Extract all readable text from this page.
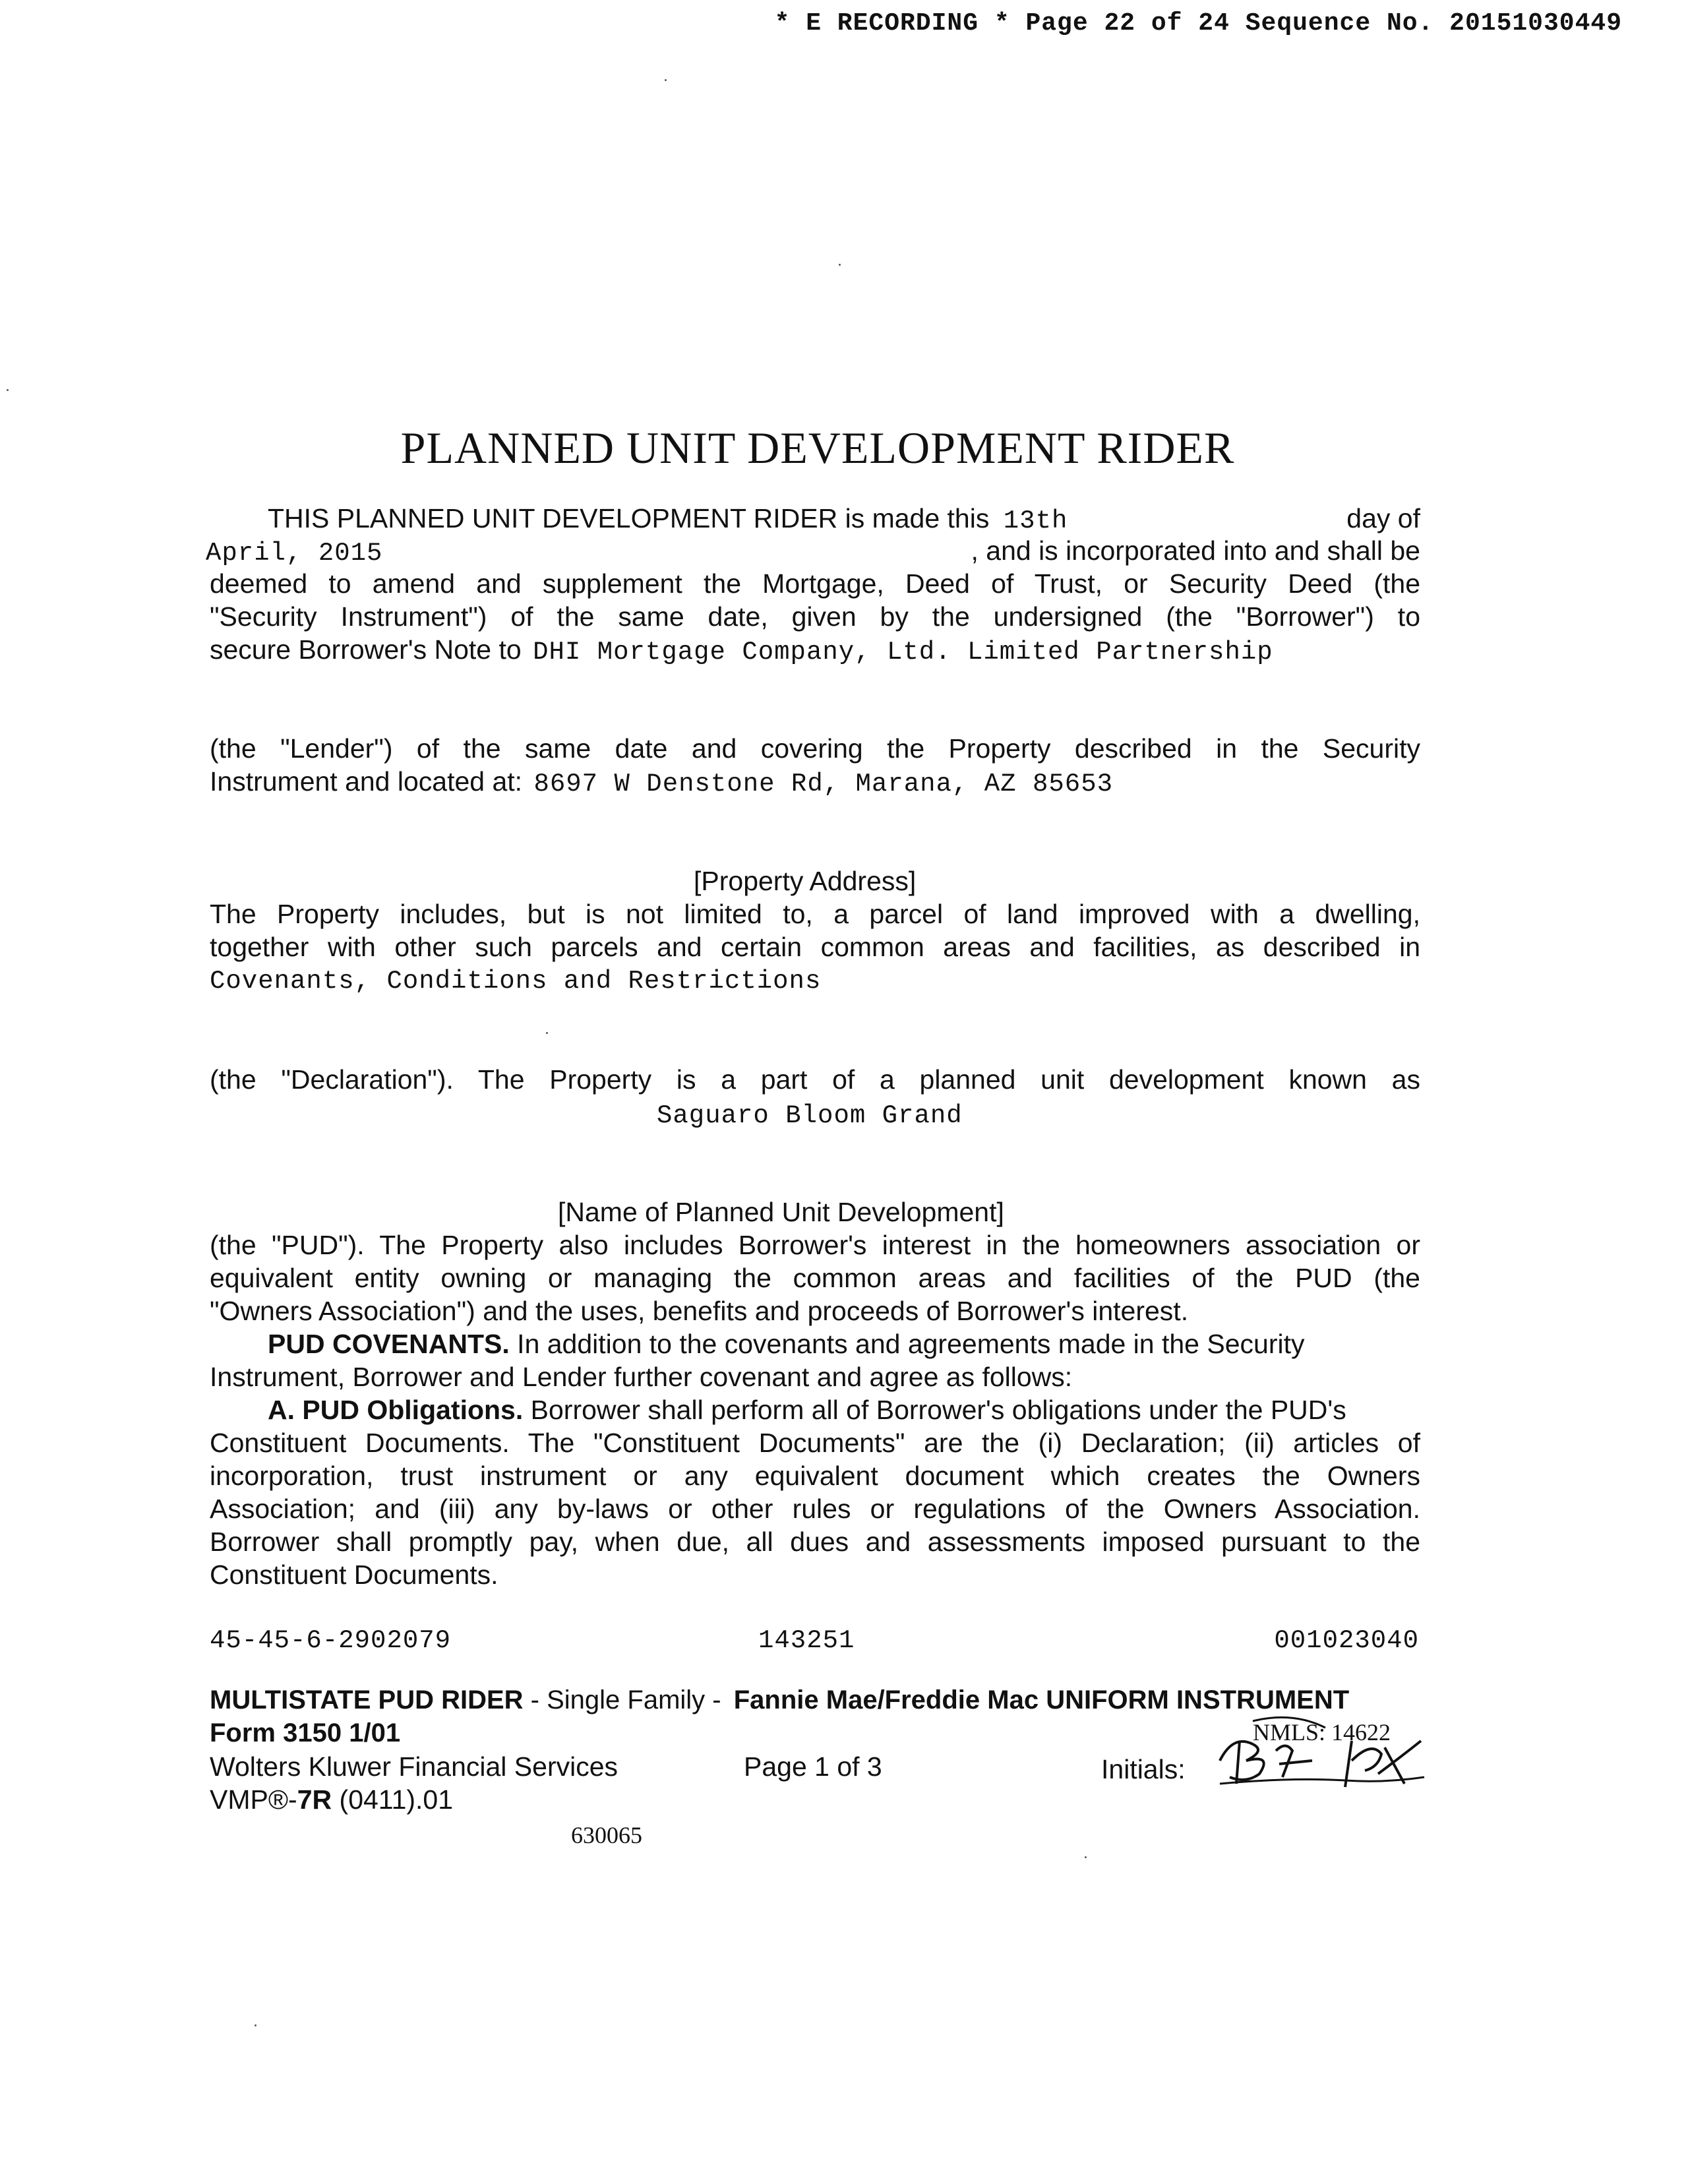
* E RECORDING * Page 22 of 24 Sequence No. 20151030449
PLANNED UNIT DEVELOPMENT RIDER
THIS PLANNED UNIT DEVELOPMENT RIDER is made this 13th	day of
April, 2015	, and is incorporated into and shall be
deemed to amend and supplement the Mortgage, Deed of Trust, or Security Deed (the
"Security Instrument") of the same date, given by the undersigned (the "Borrower") to
secure Borrower's Note to DHI Mortgage Company, Ltd. Limited Partnership
(the "Lender") of the same date and covering the Property described in the Security
Instrument and located at: 8697 W Denstone Rd, Marana, AZ 85653
[Property Address]
The Property includes, but is not limited to, a parcel of land improved with a dwelling,
together with other such parcels and certain common areas and facilities, as described in
Covenants, Conditions and Restrictions
(the "Declaration"). The Property is a part of a planned unit development known as
Saguaro Bloom Grand
[Name of Planned Unit Development]
(the "PUD"). The Property also includes Borrower's interest in the homeowners association or
equivalent entity owning or managing the common areas and facilities of the PUD (the
"Owners Association") and the uses, benefits and proceeds of Borrower's interest.
PUD COVENANTS. In addition to the covenants and agreements made in the Security
Instrument, Borrower and Lender further covenant and agree as follows:
A. PUD Obligations. Borrower shall perform all of Borrower's obligations under the PUD's
Constituent Documents. The "Constituent Documents" are the (i) Declaration; (ii) articles of
incorporation, trust instrument or any equivalent document which creates the Owners
Association; and (iii) any by-laws or other rules or regulations of the Owners Association.
Borrower shall promptly pay, when due, all dues and assessments imposed pursuant to the
Constituent Documents.
45-45-6-2902079	143251	001023040
MULTISTATE PUD RIDER - Single Family - Fannie Mae/Freddie Mac UNIFORM INSTRUMENT
Form 3150 1/01
Wolters Kluwer Financial Services	Page 1 of 3	Initials:
NMLS: 14622
VMP®-7R (0411).01
630065
